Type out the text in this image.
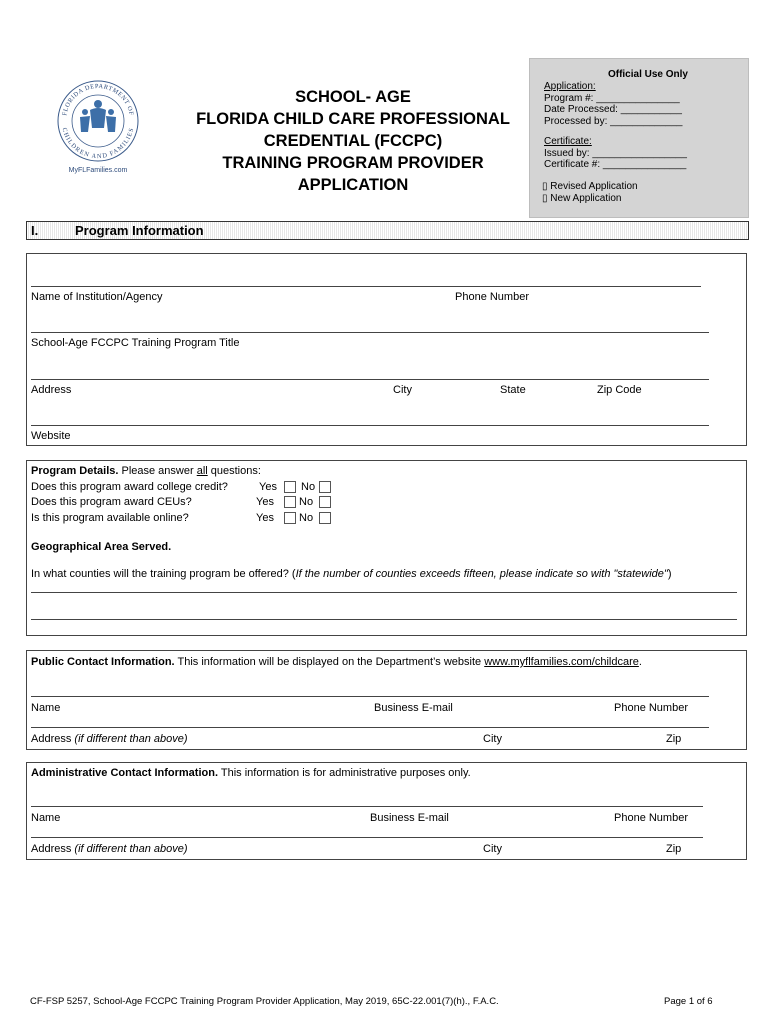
FLORIDA DEPARTMENT OF
CHILDREN AND FAMILIES
MyFLFamilies.com
SCHOOL- AGE
FLORIDA CHILD CARE PROFESSIONAL
CREDENTIAL (FCCPC)
TRAINING PROGRAM PROVIDER
APPLICATION
Official Use Only
Application:
Program #: _______________
Date Processed: ___________
Processed by: _____________
Certificate:
Issued by: _________________
Certificate #: _______________
▯ Revised Application
▯ New Application
I.	Program Information
Name of Institution/Agency	Phone Number
School-Age FCCPC Training Program Title
Address	City	State	Zip Code
Website
Program Details. Please answer all questions:
Does this program award college credit?	Yes No
Does this program award CEUs?	Yes No
Is this program available online?	Yes No
Geographical Area Served.
In what counties will the training program be offered? (If the number of counties exceeds fifteen, please indicate so with "statewide")
Public Contact Information. This information will be displayed on the Department’s website www.myflfamilies.com/childcare.
Name	Business E-mail	Phone Number
Address (if different than above)	City	Zip
Administrative Contact Information. This information is for administrative purposes only.
Name	Business E-mail	Phone Number
Address (if different than above)	City	Zip
CF-FSP 5257, School-Age FCCPC Training Program Provider Application, May 2019, 65C-22.001(7)(h)., F.A.C.	Page 1 of 6
